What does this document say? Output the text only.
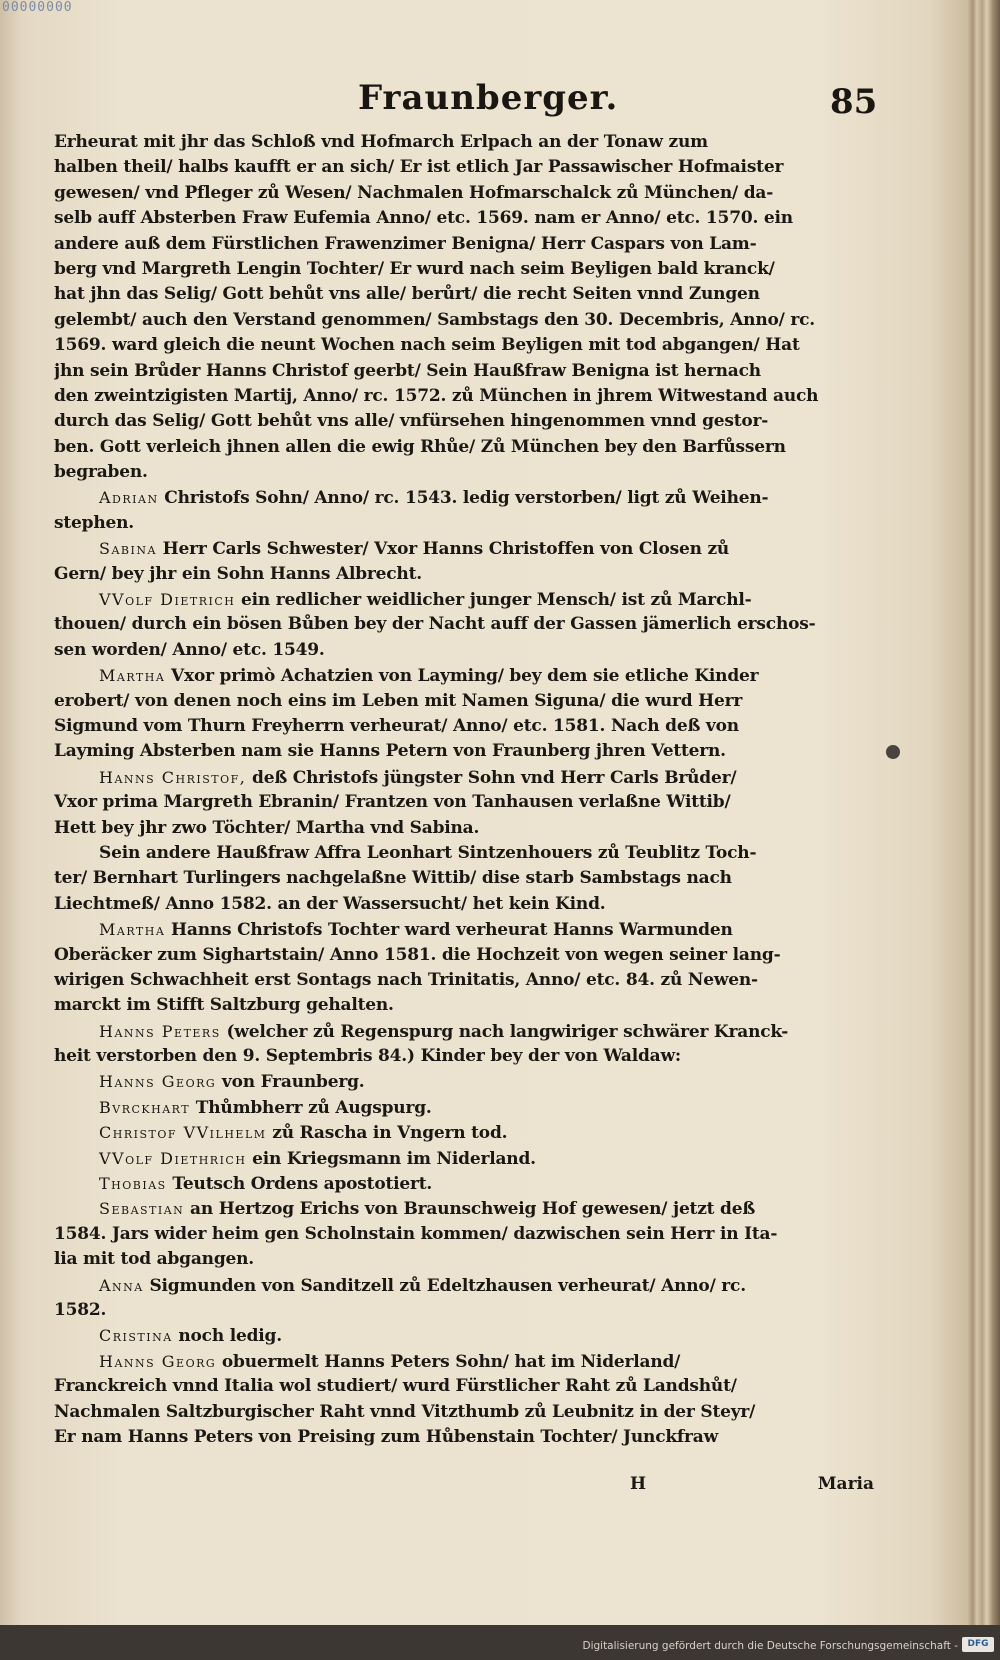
00000000
Fraunberger.	85
Erheurat mit jhr das Schloß vnd Hofmarch Erlpach an der Tonaw zum
halben theil/ halbs kaufft er an sich/ Er ist etlich Jar Passawischer Hofmaister
gewesen/ vnd Pfleger zů Wesen/ Nachmalen Hofmarschalck zů München/ da-
selb auff Absterben Fraw Eufemia Anno/ etc. 1569. nam er Anno/ etc. 1570. ein
andere auß dem Fürstlichen Frawenzimer Benigna/ Herr Caspars von Lam-
berg vnd Margreth Lengin Tochter/ Er wurd nach seim Beyligen bald kranck/
hat jhn das Selig/ Gott behůt vns alle/ berůrt/ die recht Seiten vnnd Zungen
gelembt/ auch den Verstand genommen/ Sambstags den 30. Decembris, Anno/ rc.
1569. ward gleich die neunt Wochen nach seim Beyligen mit tod abgangen/ Hat
jhn sein Brůder Hanns Christof geerbt/ Sein Haußfraw Benigna ist hernach
den zweintzigisten Martij, Anno/ rc. 1572. zů München in jhrem Witwestand auch
durch das Selig/ Gott behůt vns alle/ vnfürsehen hingenommen vnnd gestor-
ben. Gott verleich jhnen allen die ewig Rhůe/ Zů München bey den Barfůssern
begraben.
Adrian Christofs Sohn/ Anno/ rc. 1543. ledig verstorben/ ligt zů Weihen-
stephen.
Sabina Herr Carls Schwester/ Vxor Hanns Christoffen von Closen zů
Gern/ bey jhr ein Sohn Hanns Albrecht.
VVolf Dietrich ein redlicher weidlicher junger Mensch/ ist zů Marchl-
thouen/ durch ein bösen Bůben bey der Nacht auff der Gassen jämerlich erschos-
sen worden/ Anno/ etc. 1549.
Martha Vxor primò Achatzien von Layming/ bey dem sie etliche Kinder
erobert/ von denen noch eins im Leben mit Namen Siguna/ die wurd Herr
Sigmund vom Thurn Freyherrn verheurat/ Anno/ etc. 1581. Nach deß von
Layming Absterben nam sie Hanns Petern von Fraunberg jhren Vettern.
Hanns Christof, deß Christofs jüngster Sohn vnd Herr Carls Brůder/
Vxor prima Margreth Ebranin/ Frantzen von Tanhausen verlaßne Wittib/
Hett bey jhr zwo Töchter/ Martha vnd Sabina.
Sein andere Haußfraw Affra Leonhart Sintzenhouers zů Teublitz Toch-
ter/ Bernhart Turlingers nachgelaßne Wittib/ dise starb Sambstags nach
Liechtmeß/ Anno 1582. an der Wassersucht/ het kein Kind.
Martha Hanns Christofs Tochter ward verheurat Hanns Warmunden
Oberäcker zum Sighartstain/ Anno 1581. die Hochzeit von wegen seiner lang-
wirigen Schwachheit erst Sontags nach Trinitatis, Anno/ etc. 84. zů Newen-
marckt im Stifft Saltzburg gehalten.
Hanns Peters (welcher zů Regenspurg nach langwiriger schwärer Kranck-
heit verstorben den 9. Septembris 84.) Kinder bey der von Waldaw:
Hanns Georg von Fraunberg.
Bvrckhart Thůmbherr zů Augspurg.
Christof VVilhelm zů Rascha in Vngern tod.
VVolf Diethrich ein Kriegsmann im Niderland.
Thobias Teutsch Ordens apostotiert.
Sebastian an Hertzog Erichs von Braunschweig Hof gewesen/ jetzt deß
1584. Jars wider heim gen Scholnstain kommen/ dazwischen sein Herr in Ita-
lia mit tod abgangen.
Anna Sigmunden von Sanditzell zů Edeltzhausen verheurat/ Anno/ rc.
1582.
Cristina noch ledig.
Hanns Georg obuermelt Hanns Peters Sohn/ hat im Niderland/
Franckreich vnnd Italia wol studiert/ wurd Fürstlicher Raht zů Landshůt/
Nachmalen Saltzburgischer Raht vnnd Vitzthumb zů Leubnitz in der Steyr/
Er nam Hanns Peters von Preising zum Hůbenstain Tochter/ Junckfraw
H	Maria
Digitalisierung gefördert durch die Deutsche Forschungsgemeinschaft -	DFG
